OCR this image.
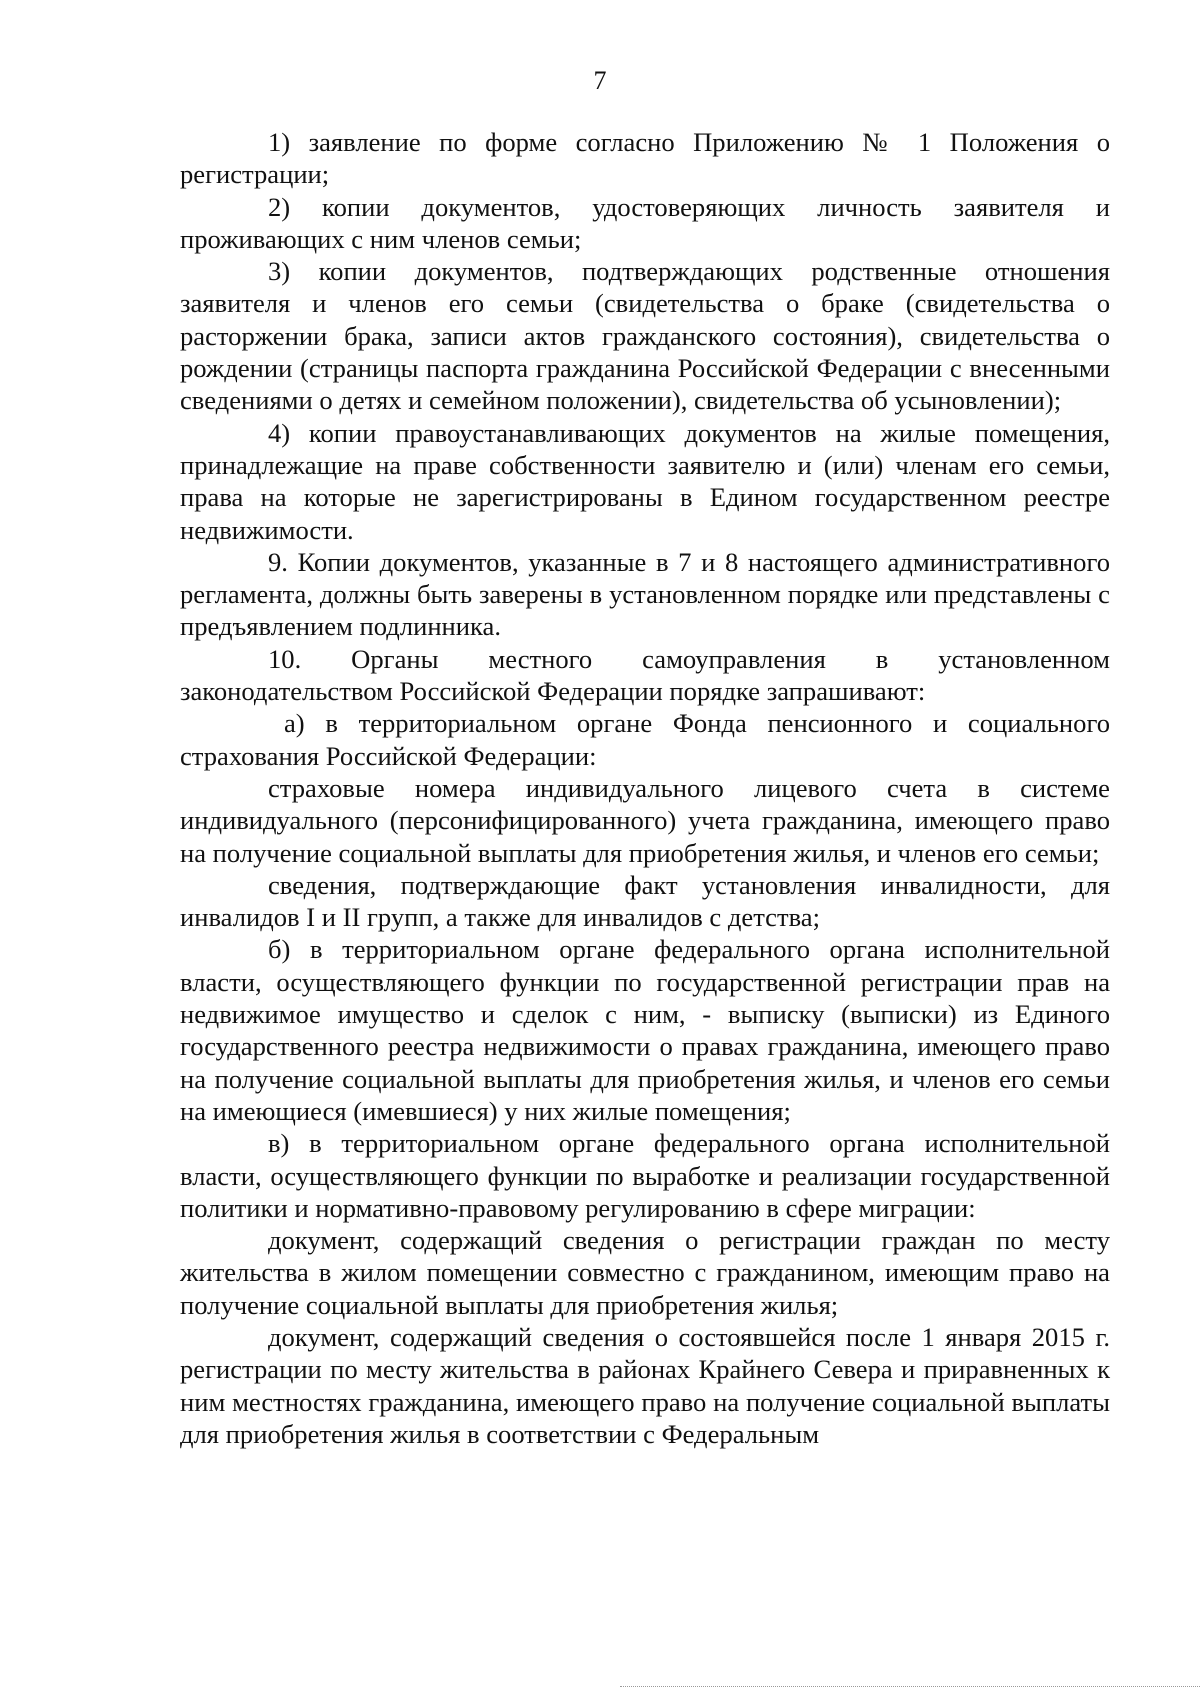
7

1) заявление по форме согласно Приложению № 1 Положения о регистрации;

2) копии документов, удостоверяющих личность заявителя и проживающих с ним членов семьи;

3) копии документов, подтверждающих родственные отношения заявителя и членов его семьи (свидетельства о браке (свидетельства о расторжении брака, записи актов гражданского состояния), свидетельства о рождении (страницы паспорта гражданина Российской Федерации с внесенными сведениями о детях и семейном положении), свидетельства об усыновлении);

4) копии правоустанавливающих документов на жилые помещения, принадлежащие на праве собственности заявителю и (или) членам его семьи, права на которые не зарегистрированы в Едином государственном реестре недвижимости.

9. Копии документов, указанные в 7 и 8 настоящего административного регламента, должны быть заверены в установленном порядке или представлены с предъявлением подлинника.

10. Органы местного самоуправления в установленном законодательством Российской Федерации порядке запрашивают:

а) в территориальном органе Фонда пенсионного и социального страхования Российской Федерации:

страховые номера индивидуального лицевого счета в системе индивидуального (персонифицированного) учета гражданина, имеющего право на получение социальной выплаты для приобретения жилья, и членов его семьи;

сведения, подтверждающие факт установления инвалидности, для инвалидов I и II групп, а также для инвалидов с детства;

б) в территориальном органе федерального органа исполнительной власти, осуществляющего функции по государственной регистрации прав на недвижимое имущество и сделок с ним, - выписку (выписки) из Единого государственного реестра недвижимости о правах гражданина, имеющего право на получение социальной выплаты для приобретения жилья, и членов его семьи на имеющиеся (имевшиеся) у них жилые помещения;

в) в территориальном органе федерального органа исполнительной власти, осуществляющего функции по выработке и реализации государственной политики и нормативно-правовому регулированию в сфере миграции:

документ, содержащий сведения о регистрации граждан по месту жительства в жилом помещении совместно с гражданином, имеющим право на получение социальной выплаты для приобретения жилья;

документ, содержащий сведения о состоявшейся после 1 января 2015 г. регистрации по месту жительства в районах Крайнего Севера и приравненных к ним местностях гражданина, имеющего право на получение социальной выплаты для приобретения жилья в соответствии с Федеральным
